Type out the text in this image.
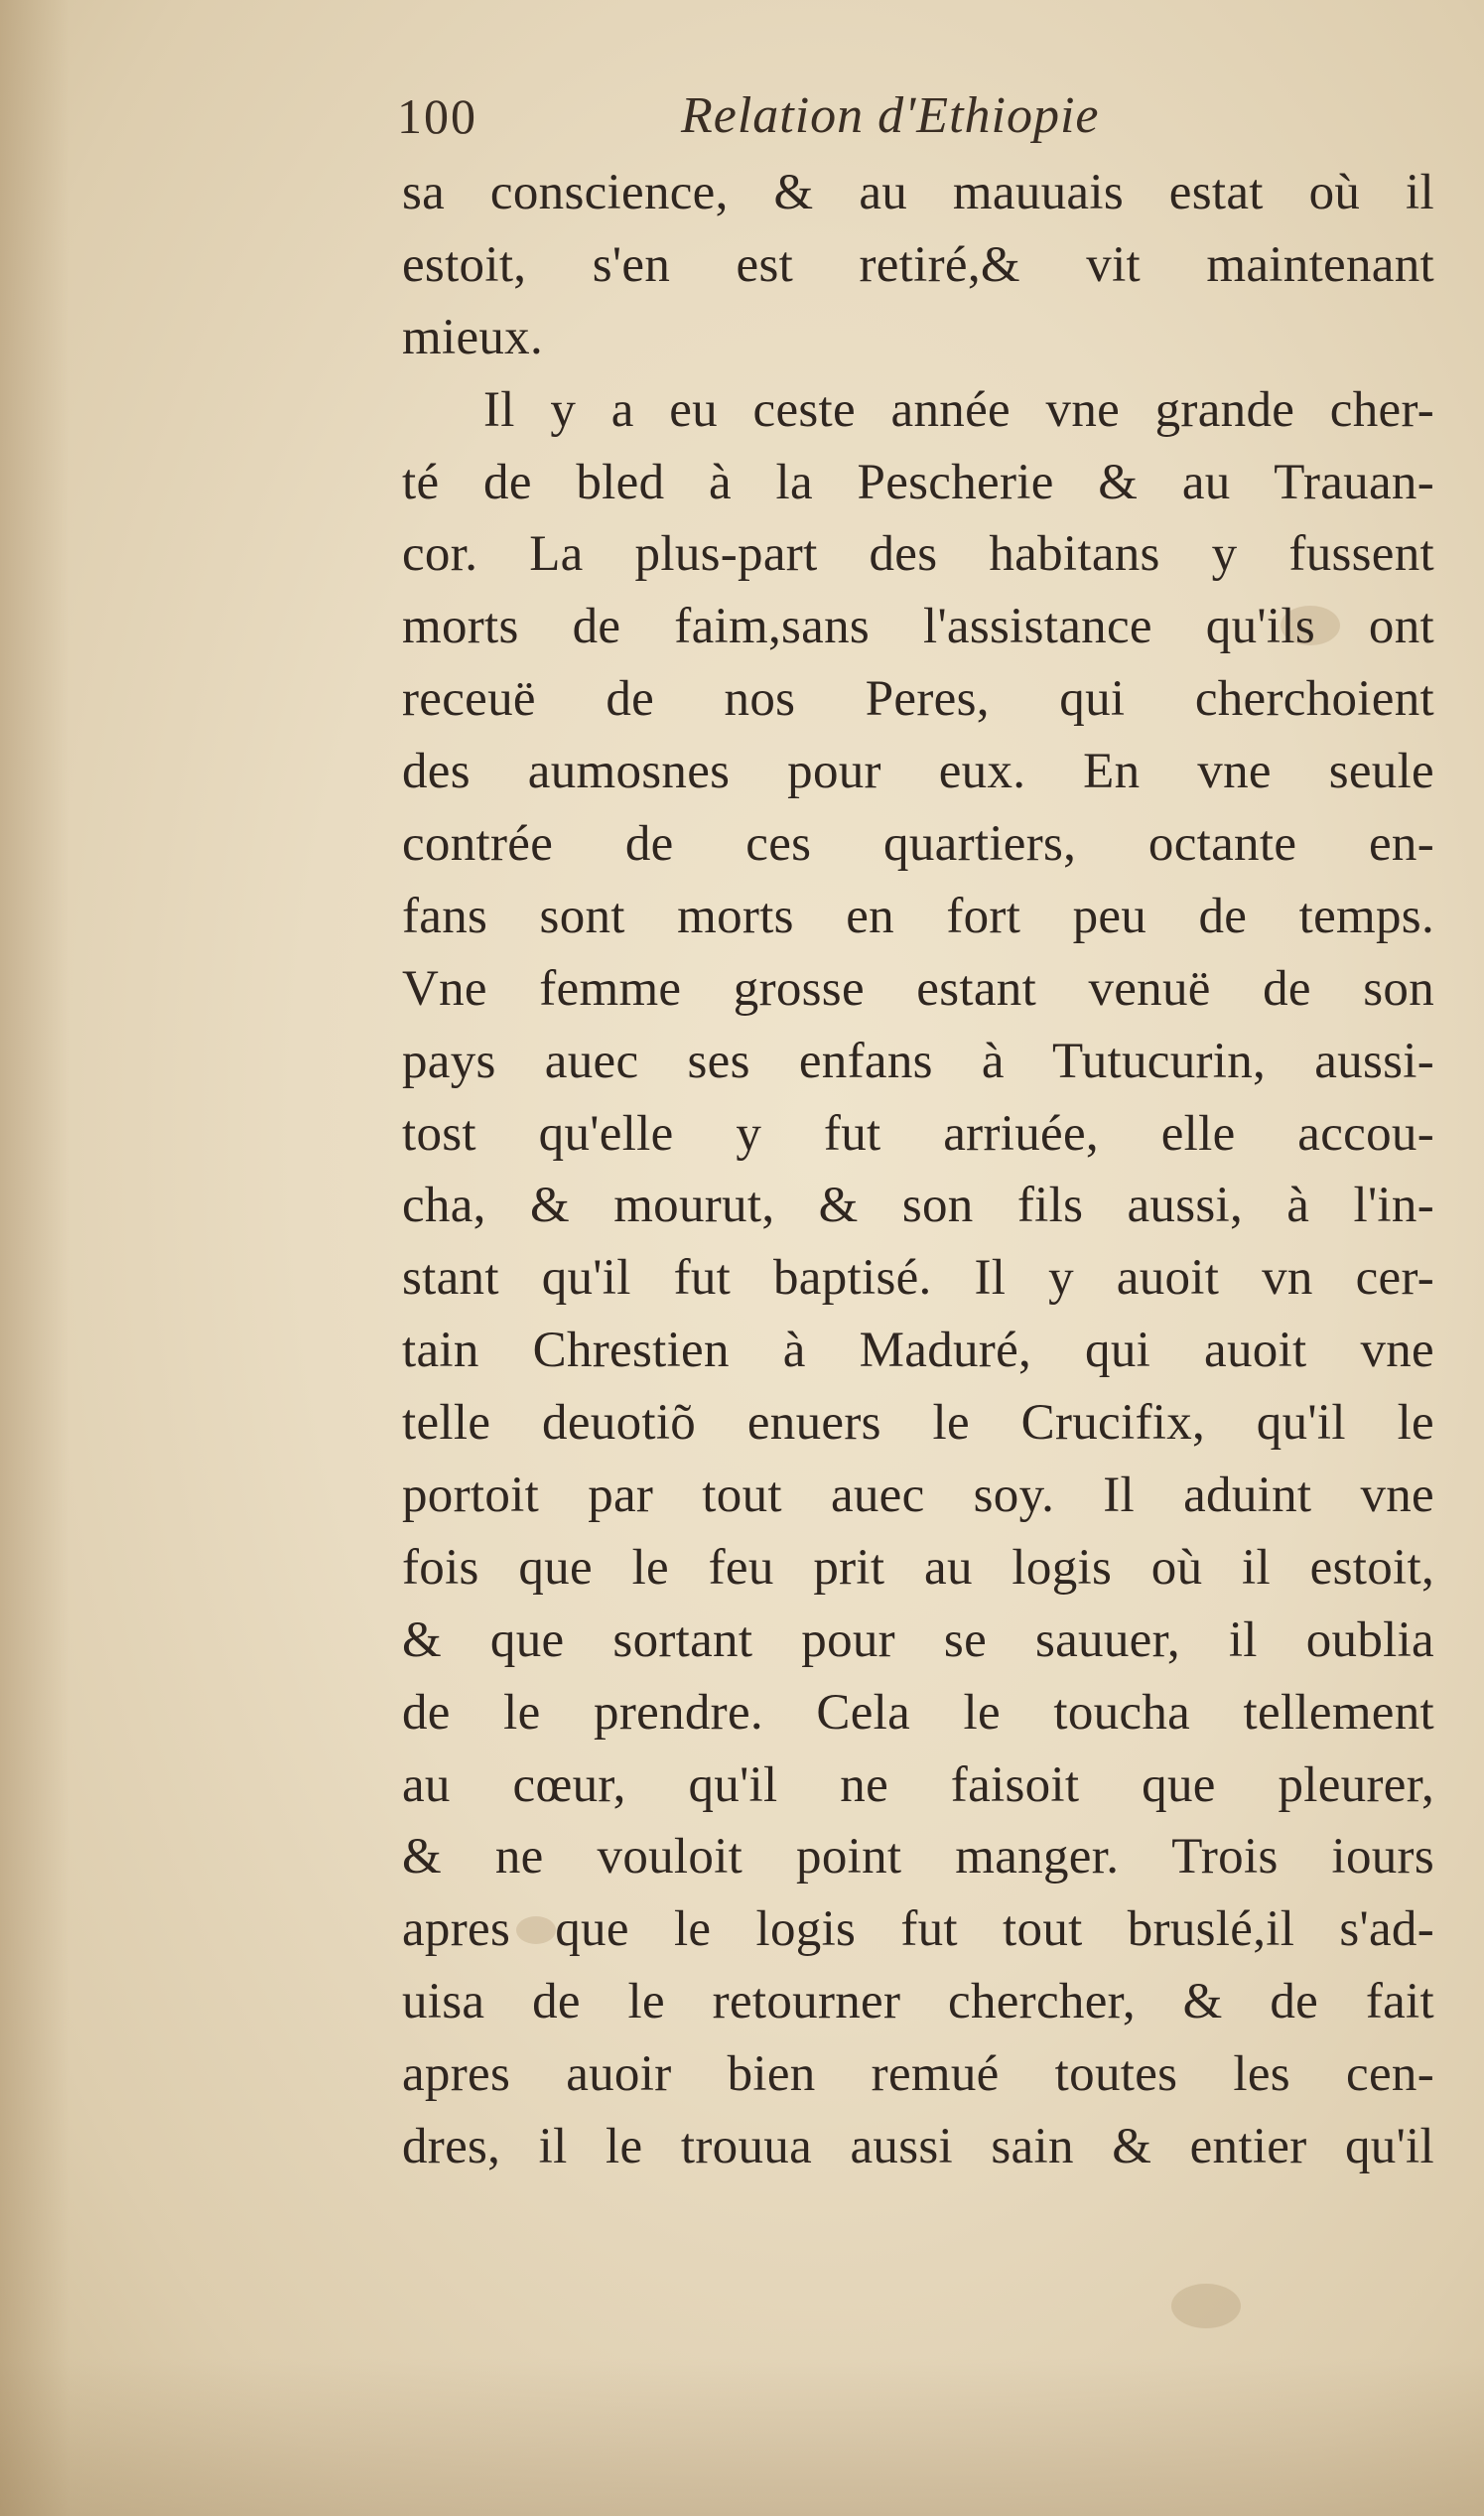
100	Relation d'Ethiopie
sa conscience, & au mauuais estat où il
estoit, s'en est retiré,& vit maintenant
mieux.
Il y a eu ceste année vne grande cher-
té de bled à la Pescherie & au Trauan-
cor. La plus-part des habitans y fussent
morts de faim,sans l'assistance qu'ils ont
receuë de nos Peres, qui cherchoient
des aumosnes pour eux. En vne seule
contrée de ces quartiers, octante en-
fans sont morts en fort peu de temps.
Vne femme grosse estant venuë de son
pays auec ses enfans à Tutucurin, aussi-
tost qu'elle y fut arriuée, elle accou-
cha, & mourut, & son fils aussi, à l'in-
stant qu'il fut baptisé. Il y auoit vn cer-
tain Chrestien à Maduré, qui auoit vne
telle deuotiõ enuers le Crucifix, qu'il le
portoit par tout auec soy. Il aduint vne
fois que le feu prit au logis où il estoit,
& que sortant pour se sauuer, il oublia
de le prendre. Cela le toucha tellement
au cœur, qu'il ne faisoit que pleurer,
& ne vouloit point manger. Trois iours
apres que le logis fut tout bruslé,il s'ad-
uisa de le retourner chercher, & de fait
apres auoir bien remué toutes les cen-
dres, il le trouua aussi sain & entier qu'il
